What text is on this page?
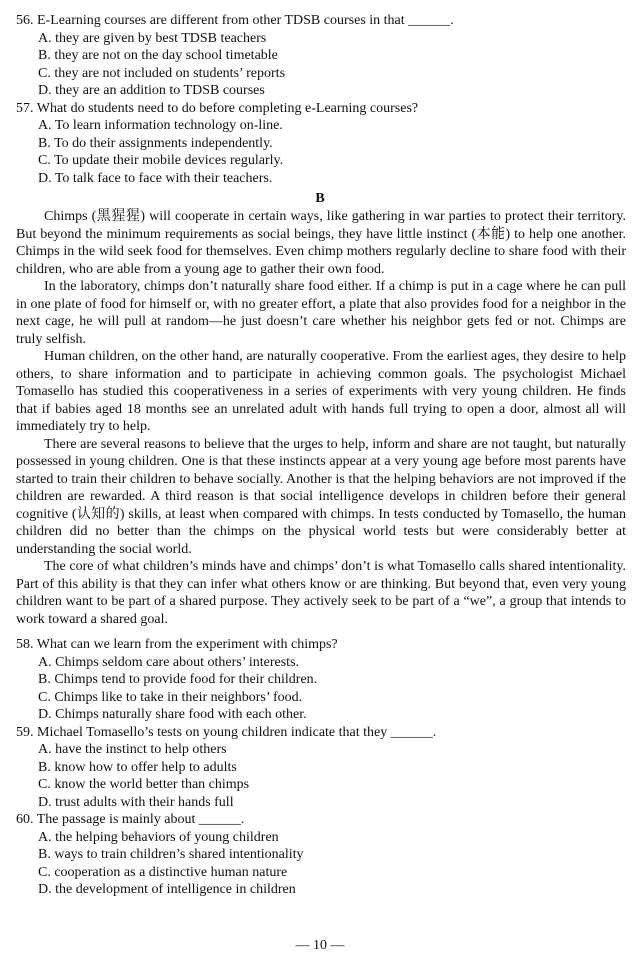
56. E-Learning courses are different from other TDSB courses in that ______.

A. they are given by best TDSB teachers
B. they are not on the day school timetable
C. they are not included on students’ reports
D. they are an addition to TDSB courses

57. What do students need to do before completing e-Learning courses?

A. To learn information technology on-line.
B. To do their assignments independently.
C. To update their mobile devices regularly.
D. To talk face to face with their teachers.

B

Chimps (黑猩猩) will cooperate in certain ways, like gathering in war parties to protect their territory. But beyond the minimum requirements as social beings, they have little instinct (本能) to help one another. Chimps in the wild seek food for themselves. Even chimp mothers regularly decline to share food with their children, who are able from a young age to gather their own food.

In the laboratory, chimps don’t naturally share food either. If a chimp is put in a cage where he can pull in one plate of food for himself or, with no greater effort, a plate that also provides food for a neighbor in the next cage, he will pull at random—he just doesn’t care whether his neighbor gets fed or not. Chimps are truly selfish.

Human children, on the other hand, are naturally cooperative. From the earliest ages, they desire to help others, to share information and to participate in achieving common goals. The psychologist Michael Tomasello has studied this cooperativeness in a series of experiments with very young children. He finds that if babies aged 18 months see an unrelated adult with hands full trying to open a door, almost all will immediately try to help.

There are several reasons to believe that the urges to help, inform and share are not taught, but naturally possessed in young children. One is that these instincts appear at a very young age before most parents have started to train their children to behave socially. Another is that the helping behaviors are not improved if the children are rewarded. A third reason is that social intelligence develops in children before their general cognitive (认知的) skills, at least when compared with chimps. In tests conducted by Tomasello, the human children did no better than the chimps on the physical world tests but were considerably better at understanding the social world.

The core of what children’s minds have and chimps’ don’t is what Tomasello calls shared intentionality. Part of this ability is that they can infer what others know or are thinking. But beyond that, even very young children want to be part of a shared purpose. They actively seek to be part of a “we”, a group that intends to work toward a shared goal.

58. What can we learn from the experiment with chimps?

A. Chimps seldom care about others’ interests.
B. Chimps tend to provide food for their children.
C. Chimps like to take in their neighbors’ food.
D. Chimps naturally share food with each other.

59. Michael Tomasello’s tests on young children indicate that they ______.

A. have the instinct to help others
B. know how to offer help to adults
C. know the world better than chimps
D. trust adults with their hands full

60. The passage is mainly about ______.

A. the helping behaviors of young children
B. ways to train children’s shared intentionality
C. cooperation as a distinctive human nature
D. the development of intelligence in children
— 10 —
